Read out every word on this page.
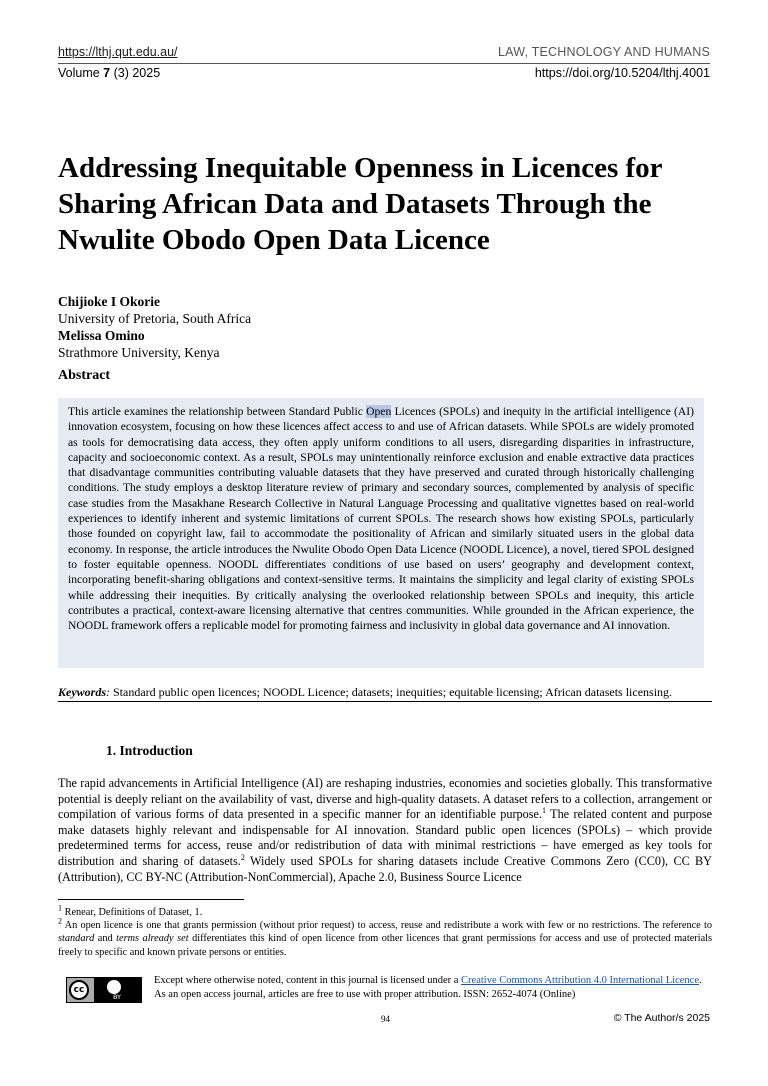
https://lthj.qut.edu.au/	LAW, TECHNOLOGY AND HUMANS
Volume 7 (3) 2025	https://doi.org/10.5204/lthj.4001
Addressing Inequitable Openness in Licences for Sharing African Data and Datasets Through the Nwulite Obodo Open Data Licence
Chijioke I Okorie
University of Pretoria, South Africa
Melissa Omino
Strathmore University, Kenya
Abstract
This article examines the relationship between Standard Public Open Licences (SPOLs) and inequity in the artificial intelligence (AI) innovation ecosystem, focusing on how these licences affect access to and use of African datasets. While SPOLs are widely promoted as tools for democratising data access, they often apply uniform conditions to all users, disregarding disparities in infrastructure, capacity and socioeconomic context. As a result, SPOLs may unintentionally reinforce exclusion and enable extractive data practices that disadvantage communities contributing valuable datasets that they have preserved and curated through historically challenging conditions. The study employs a desktop literature review of primary and secondary sources, complemented by analysis of specific case studies from the Masakhane Research Collective in Natural Language Processing and qualitative vignettes based on real-world experiences to identify inherent and systemic limitations of current SPOLs. The research shows how existing SPOLs, particularly those founded on copyright law, fail to accommodate the positionality of African and similarly situated users in the global data economy. In response, the article introduces the Nwulite Obodo Open Data Licence (NOODL Licence), a novel, tiered SPOL designed to foster equitable openness. NOODL differentiates conditions of use based on users’ geography and development context, incorporating benefit-sharing obligations and context-sensitive terms. It maintains the simplicity and legal clarity of existing SPOLs while addressing their inequities. By critically analysing the overlooked relationship between SPOLs and inequity, this article contributes a practical, context-aware licensing alternative that centres communities. While grounded in the African experience, the NOODL framework offers a replicable model for promoting fairness and inclusivity in global data governance and AI innovation.
Keywords: Standard public open licences; NOODL Licence; datasets; inequities; equitable licensing; African datasets licensing.
1. Introduction
The rapid advancements in Artificial Intelligence (AI) are reshaping industries, economies and societies globally. This transformative potential is deeply reliant on the availability of vast, diverse and high-quality datasets. A dataset refers to a collection, arrangement or compilation of various forms of data presented in a specific manner for an identifiable purpose.$^1$ The related content and purpose make datasets highly relevant and indispensable for AI innovation. Standard public open licences (SPOLs) – which provide predetermined terms for access, reuse and/or redistribution of data with minimal restrictions – have emerged as key tools for distribution and sharing of datasets.$^2$ Widely used SPOLs for sharing datasets include Creative Commons Zero (CC0), CC BY (Attribution), CC BY-NC (Attribution-NonCommercial), Apache 2.0, Business Source Licence
$^1$ Renear, Definitions of Dataset, 1.
$^2$ An open licence is one that grants permission (without prior request) to access, reuse and redistribute a work with few or no restrictions. The reference to standard and terms already set differentiates this kind of open licence from other licences that grant permissions for access and use of protected materials freely to specific and known private persons or entities.
cc
BY
Except where otherwise noted, content in this journal is licensed under a Creative Commons Attribution 4.0 International Licence. As an open access journal, articles are free to use with proper attribution. ISSN: 2652-4074 (Online)
94	© The Author/s 2025
